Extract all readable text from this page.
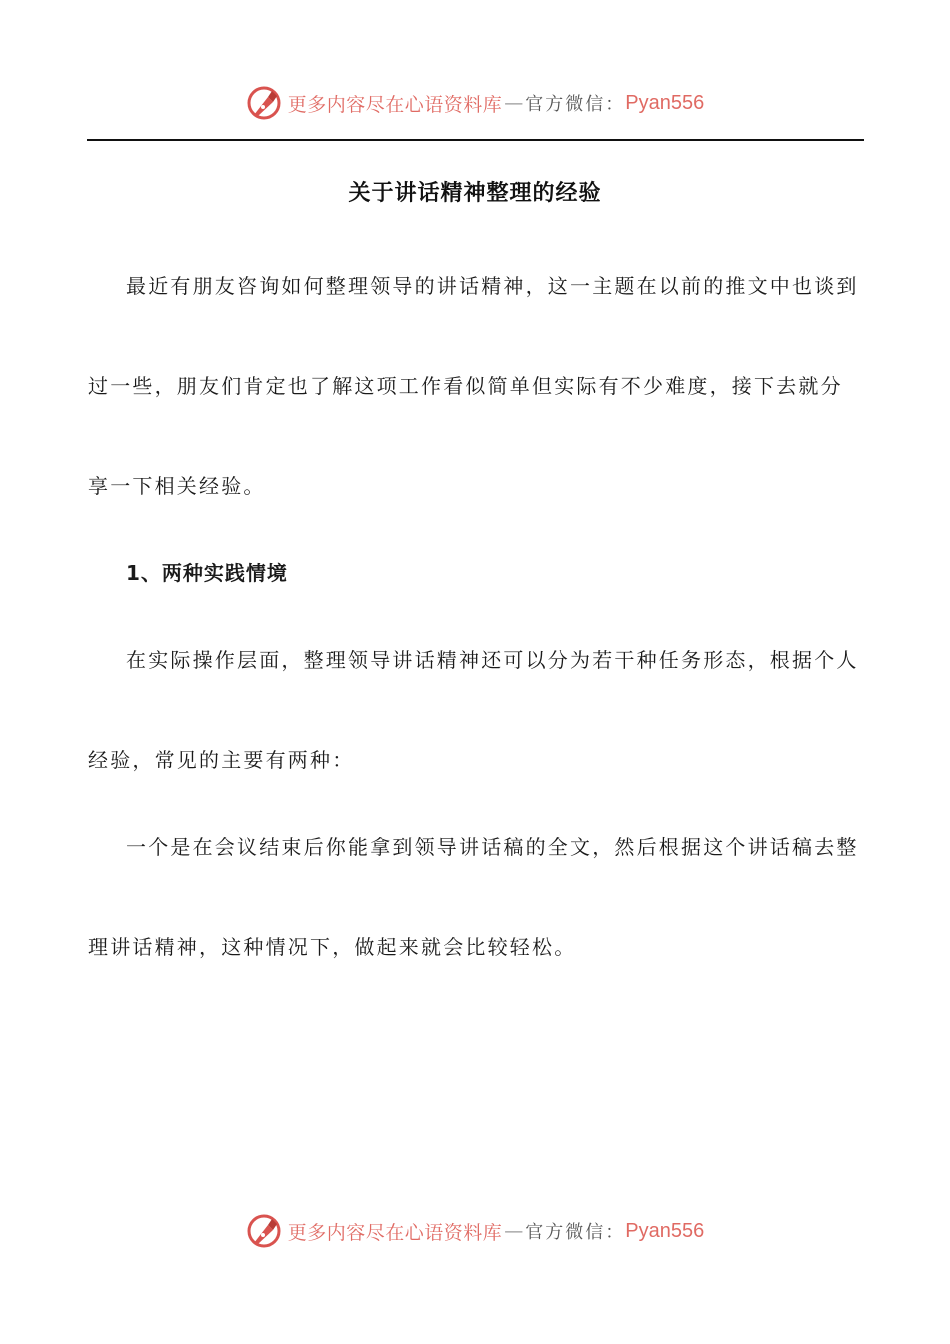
更多内容尽在心语资料库 — 官方微信： Pyan556
关于讲话精神整理的经验

最近有朋友咨询如何整理领导的讲话精神，这一主题在以前的推文中也谈到

过一些，朋友们肯定也了解这项工作看似简单但实际有不少难度，接下去就分

享一下相关经验。

1、两种实践情境

在实际操作层面，整理领导讲话精神还可以分为若干种任务形态，根据个人

经验，常见的主要有两种：

一个是在会议结束后你能拿到领导讲话稿的全文，然后根据这个讲话稿去整

理讲话精神，这种情况下，做起来就会比较轻松。

更多内容尽在心语资料库 — 官方微信： Pyan556
